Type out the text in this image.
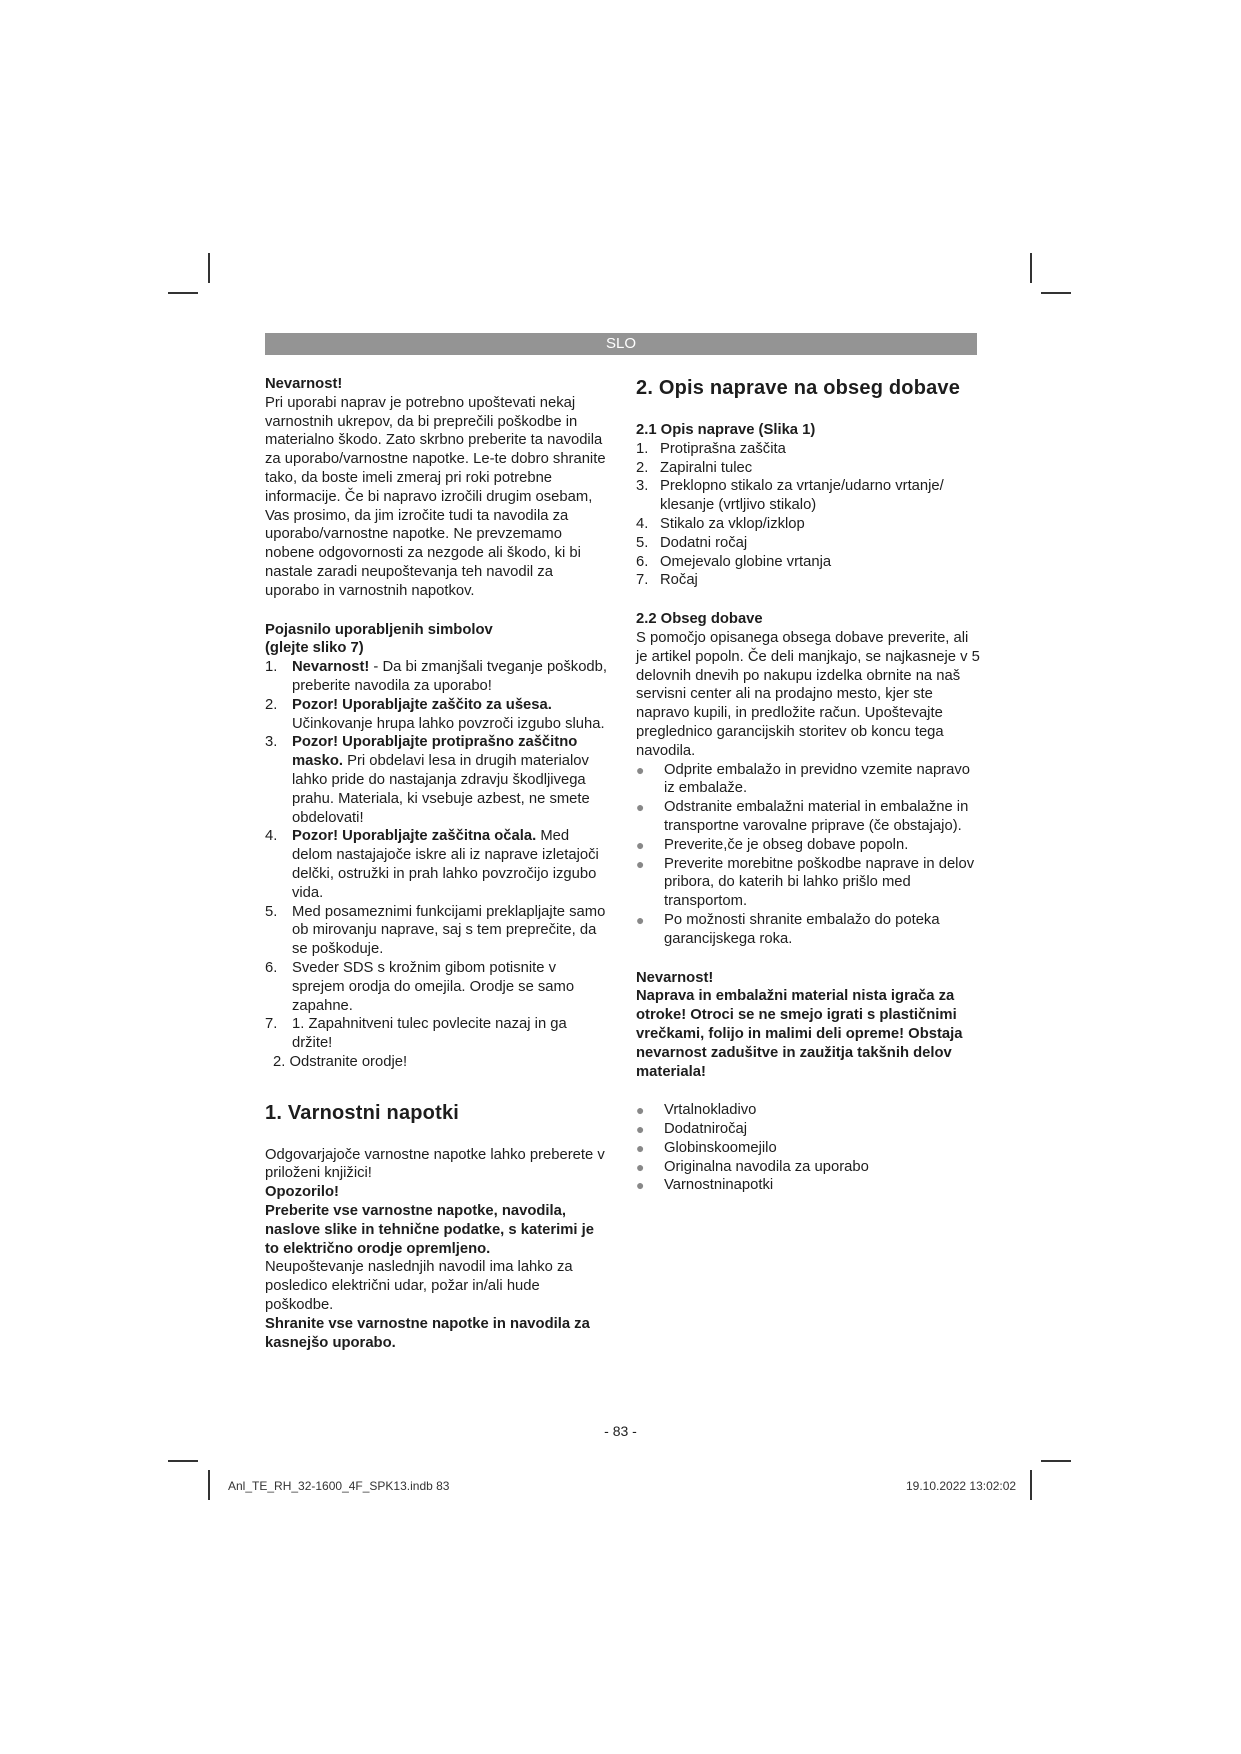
SLO

Nevarnost!

Pri uporabi naprav je potrebno upoštevati nekaj varnostnih ukrepov, da bi preprečili poškodbe in materialno škodo. Zato skrbno preberite ta navodila za uporabo/varnostne napotke. Le-te dobro shranite tako, da boste imeli zmeraj pri roki potrebne informacije. Če bi napravo izročili drugim osebam, Vas prosimo, da jim izročite tudi ta navodila za uporabo/varnostne napotke. Ne prevzemamo nobene odgovornosti za nezgode ali škodo, ki bi nastale zaradi neupoštevanja teh navodil za uporabo in varnostnih napotkov.

Pojasnilo uporabljenih simbolov

(glejte sliko 7)

1. Nevarnost! - Da bi zmanjšali tveganje poškodb, preberite navodila za uporabo!
2. Pozor! Uporabljajte zaščito za ušesa. Učinkovanje hrupa lahko povzroči izgubo sluha.
3. Pozor! Uporabljajte protiprašno zaščitno masko. Pri obdelavi lesa in drugih materialov lahko pride do nastajanja zdravju škodljivega prahu. Materiala, ki vsebuje azbest, ne smete obdelovati!
4. Pozor! Uporabljajte zaščitna očala. Med delom nastajajoče iskre ali iz naprave izletajoči delčki, ostružki in prah lahko povzročijo izgubo vida.
5. Med posameznimi funkcijami preklapljajte samo ob mirovanju naprave, saj s tem preprečite, da se poškoduje.
6. Sveder SDS s krožnim gibom potisnite v sprejem orodja do omejila. Orodje se samo zapahne.
7. 1. Zapahnitveni tulec povlecite nazaj in ga držite!

2. Odstranite orodje!

1. Varnostni napotki

Odgovarjajoče varnostne napotke lahko preberete v priloženi knjižici!

Opozorilo!

Preberite vse varnostne napotke, navodila, naslove slike in tehnične podatke, s katerimi je to električno orodje opremljeno.

Neupoštevanje naslednjih navodil ima lahko za posledico električni udar, požar in/ali hude poškodbe.

Shranite vse varnostne napotke in navodila za kasnejšo uporabo.

2. Opis naprave na obseg dobave
2.1 Opis naprave (Slika 1)
1. Protiprašna zaščita
2. Zapiralni tulec
3. Preklopno stikalo za vrtanje/udarno vrtanje/ klesanje (vrtljivo stikalo)
4. Stikalo za vklop/izklop
5. Dodatni ročaj
6. Omejevalo globine vrtanja
7. Ročaj
2.2 Obseg dobave

S pomočjo opisanega obsega dobave preverite, ali je artikel popoln. Če deli manjkajo, se najkasneje v 5 delovnih dnevih po nakupu izdelka obrnite na naš servisni center ali na prodajno mesto, kjer ste napravo kupili, in predložite račun. Upoštevajte preglednico garancijskih storitev ob koncu tega navodila.

● Odprite embalažo in previdno vzemite napravo iz embalaže.
● Odstranite embalažni material in embalažne in transportne varovalne priprave (če obstajajo).
● Preverite,če je obseg dobave popoln.
● Preverite morebitne poškodbe naprave in delov pribora, do katerih bi lahko prišlo med transportom.
● Po možnosti shranite embalažo do poteka garancijskega roka.

Nevarnost!

Naprava in embalažni material nista igrača za otroke! Otroci se ne smejo igrati s plastičnimi vrečkami, folijo in malimi deli opreme! Obstaja nevarnost zadušitve in zaužitja takšnih delov materiala!

● Vrtalnokladivo
● Dodatniročaj
● Globinskoomejilo
● Originalna navodila za uporabo
● Varnostninapotki
- 83 -
Anl_TE_RH_32-1600_4F_SPK13.indb 83	19.10.2022 13:02:02
